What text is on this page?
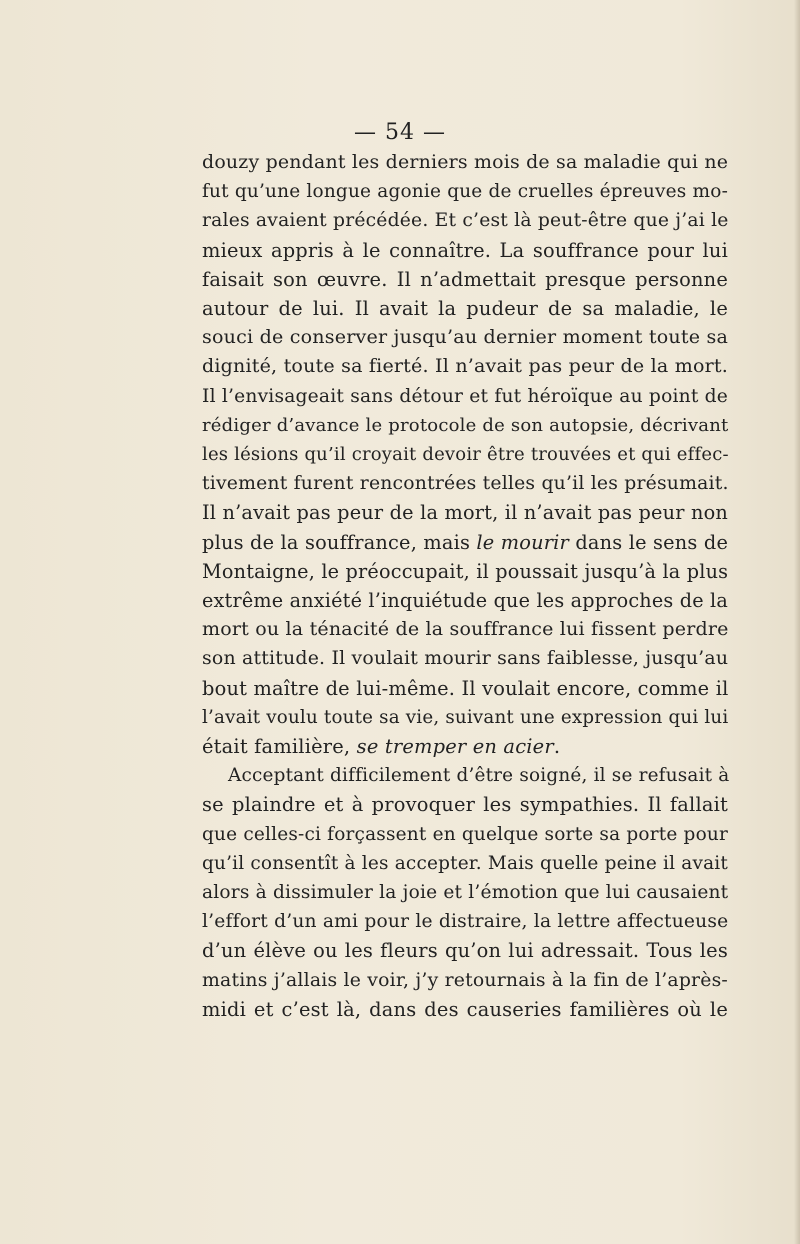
— 54 —
douzy pendant les derniers mois de sa maladie qui ne
fut qu’une longue agonie que de cruelles épreuves mo-
rales avaient précédée. Et c’est là peut-être que j’ai le
mieux appris à le connaître. La souffrance pour lui
faisait son œuvre. Il n’admettait presque personne
autour de lui. Il avait la pudeur de sa maladie, le
souci de conserver jusqu’au dernier moment toute sa
dignité, toute sa fierté. Il n’avait pas peur de la mort.
Il l’envisageait sans détour et fut héroïque au point de
rédiger d’avance le protocole de son autopsie, décrivant
les lésions qu’il croyait devoir être trouvées et qui effec-
tivement furent rencontrées telles qu’il les présumait.
Il n’avait pas peur de la mort, il n’avait pas peur non
plus de la souffrance, mais le mourir dans le sens de
Montaigne, le préoccupait, il poussait jusqu’à la plus
extrême anxiété l’inquiétude que les approches de la
mort ou la ténacité de la souffrance lui fissent perdre
son attitude. Il voulait mourir sans faiblesse, jusqu’au
bout maître de lui-même. Il voulait encore, comme il
l’avait voulu toute sa vie, suivant une expression qui lui
était familière, se tremper en acier.
Acceptant difficilement d’être soigné, il se refusait à
se plaindre et à provoquer les sympathies. Il fallait
que celles-ci forçassent en quelque sorte sa porte pour
qu’il consentît à les accepter. Mais quelle peine il avait
alors à dissimuler la joie et l’émotion que lui causaient
l’effort d’un ami pour le distraire, la lettre affectueuse
d’un élève ou les fleurs qu’on lui adressait. Tous les
matins j’allais le voir, j’y retournais à la fin de l’après-
midi et c’est là, dans des causeries familières où le
